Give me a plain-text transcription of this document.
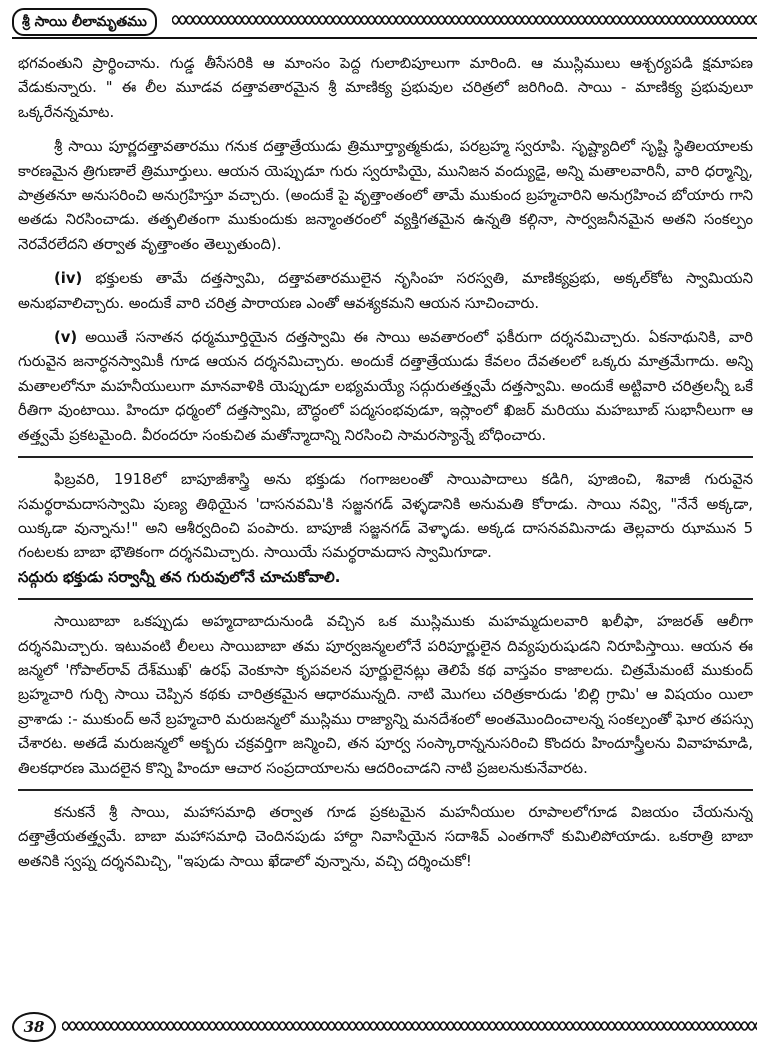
శ్రీ సాయి లీలామృతము

భగవంతుని ప్రార్థించాను. గుడ్డ తీసేసరికి ఆ మాంసం పెద్ద గులాబిపూలుగా మారింది. ఆ ముస్లిములు ఆశ్చర్యపడి క్షమాపణ వేడుకున్నారు. " ఈ లీల మూడవ దత్తావతారమైన శ్రీ మాణిక్య ప్రభువుల చరిత్రలో జరిగింది. సాయి - మాణిక్య ప్రభువులూ ఒక్కరేనన్నమాట.

శ్రీ సాయి పూర్ణదత్తావతారము గనుక దత్తాత్రేయుడు త్రిమూర్త్యాత్మకుడు, పరబ్రహ్మ స్వరూపి. సృష్ట్యాదిలో సృష్టి స్థితిలయాలకు కారణమైన త్రిగుణాలే త్రిమూర్తులు. ఆయన యెప్పుడూ గురు స్వరూపియై, మునిజన వంద్యుడై, అన్ని మతాలవారినీ, వారి ధర్మాన్ని, పాత్రతనూ అనుసరించి అనుగ్రహిస్తూ వచ్చారు. (అందుకే పై వృత్తాంతంలో తామే ముకుంద బ్రహ్మచారిని అనుగ్రహించ బోయారు గాని అతడు నిరసించాడు. తత్ఫలితంగా ముకుందుకు జన్మాంతరంలో వ్యక్తిగతమైన ఉన్నతి కల్గినా, సార్వజనీనమైన అతని సంకల్పం నెరవేరలేదని తర్వాత వృత్తాంతం తెల్పుతుంది).

(iv) భక్తులకు తామే దత్తస్వామి, దత్తావతారములైన నృసింహ సరస్వతి, మాణిక్యప్రభు, అక్కల్‌కోట స్వామియని అనుభవాలిచ్చారు. అందుకే వారి చరిత్ర పారాయణ ఎంతో ఆవశ్యకమని ఆయన సూచించారు.

(v) అయితే సనాతన ధర్మమూర్తియైన దత్తస్వామి ఈ సాయి అవతారంలో ఫకీరుగా దర్శనమిచ్చారు. ఏకనాథునికి, వారి గురువైన జనార్ధనస్వామికీ గూడ ఆయన దర్శనమిచ్చారు. అందుకే దత్తాత్రేయుడు కేవలం దేవతలలో ఒక్కరు మాత్రమేగాదు. అన్ని మతాలలోనూ మహనీయులుగా మానవాళికి యెప్పుడూ లభ్యమయ్యే సద్గురుతత్త్వమే దత్తస్వామి. అందుకే అట్టివారి చరిత్రలన్నీ ఒకే రీతిగా వుంటాయి. హిందూ ధర్మంలో దత్తస్వామి, బౌద్ధంలో పద్మసంభవుడూ, ఇస్లాంలో ఖిజర్ మరియు మహబూబ్ సుభానీలుగా ఆ తత్త్వమే ప్రకటమైంది. వీరందరూ సంకుచిత మతోన్మాదాన్ని నిరసించి సామరస్యాన్నే బోధించారు.

ఫిబ్రవరి, 1918లో బాపూజీశాస్త్రి అను భక్తుడు గంగాజలంతో సాయిపాదాలు కడిగి, పూజించి, శివాజీ గురువైన సమర్థరామదాసస్వామి పుణ్య తిథియైన 'దాసనవమి'కి సజ్జనగడ్ వెళ్ళడానికి అనుమతి కోరాడు. సాయి నవ్వి, "నేనే అక్కడా, యిక్కడా వున్నాను!" అని ఆశీర్వదించి పంపారు. బాపూజీ సజ్జనగడ్ వెళ్ళాడు. అక్కడ దాసనవమినాడు తెల్లవారు ఝామున 5 గంటలకు బాబా భౌతికంగా దర్శనమిచ్చారు. సాయియే సమర్థరామదాస స్వామిగూడా.

సద్గురు భక్తుడు సర్వాన్నీ తన గురువులోనే చూచుకోవాలి.

సాయిబాబా ఒకప్పుడు అహ్మదాబాదునుండి వచ్చిన ఒక ముస్లిముకు మహమ్మదులవారి ఖలీఫా, హజరత్ ఆలీగా దర్శనమిచ్చారు. ఇటువంటి లీలలు సాయిబాబా తమ పూర్వజన్మలలోనే పరిపూర్ణులైన దివ్యపురుషుడని నిరూపిస్తాయి. ఆయన ఈ జన్మలో 'గోపాల్‌రావ్ దేశ్‌ముఖ్' ఉరఫ్ వెంకూసా కృపవలన పూర్ణులైనట్లు తెలిపే కథ వాస్తవం కాజాలదు. చిత్రమేమంటే ముకుంద్ బ్రహ్మచారి గుర్చి సాయి చెప్పిన కథకు చారిత్రకమైన ఆధారమున్నది. నాటి మొగలు చరిత్రకారుడు 'బిల్లి గ్రామి' ఆ విషయం యిలా వ్రాశాడు :- ముకుంద్ అనే బ్రహ్మచారి మరుజన్మలో ముస్లిము రాజ్యాన్ని మనదేశంలో అంతమొందించాలన్న సంకల్పంతో ఘోర తపస్సు చేశారట. అతడే మరుజన్మలో అక్బరు చక్రవర్తిగా జన్మించి, తన పూర్వ సంస్కారాన్ననుసరించి కొందరు హిందూస్త్రీలను వివాహమాడి, తిలకధారణ మొదలైన కొన్ని హిందూ ఆచార సంప్రదాయాలను ఆదరించాడని నాటి ప్రజలనుకునేవారట.

కనుకనే శ్రీ సాయి, మహాసమాధి తర్వాత గూడ ప్రకటమైన మహనీయుల రూపాలలోగూడ విజయం చేయనున్న దత్తాత్రేయతత్త్వమే. బాబా మహాసమాధి చెందినపుడు హార్దా నివాసియైన సదాశివ్ ఎంతగానో కుమిలిపోయాడు. ఒకరాత్రి బాబా అతనికి స్వప్న దర్శనమిచ్చి, "ఇపుడు సాయి ఖేడాలో వున్నాను, వచ్చి దర్శించుకో!

38
